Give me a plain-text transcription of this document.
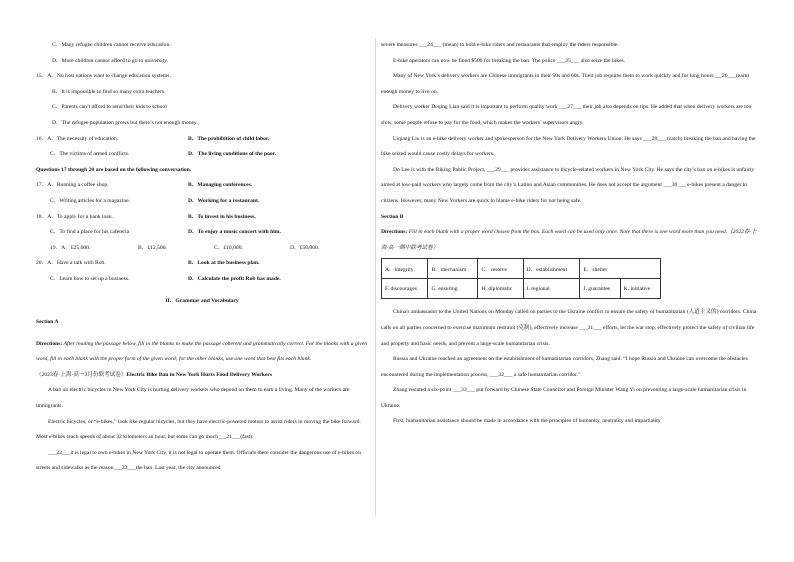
C．Many refugee children cannot receive education.
D．More children cannot afford to go to university.
15．A．No host nations want to change education systems.
B．It is impossible to find so many extra teachers.
C．Parents can’t afford to send their kids to school
D．The refugee population grows but there’s not enough money.
16．A．The necessity of education.	B．The prohibition of child labor.
C．The victims of armed conflicts.	D．The living conditions of the poor.
Questions 17 through 20 are based on the following conversation.
17．A．Running a coffee shop.	B．Managing conferences.
C．Writing articles for a magazine.	D．Working for a restaurant.
18．A．To apply for a bank loan.	B．To invest in his business.
C．To find a place for his cafeteria	D．To enjoy a music concert with him.
19．A．£25,000.	B．£12,500.	C．£10,000.	D．£50,000.
20．A．Have a talk with Rob.	B．Look at the business plan.
C．Learn how to set up a business.	D．Calculate the profit Rob has made.
II．Grammar and Vocabulary
Section A
Directions: After reading the passage below, fill in the blanks to make the passage coherent and grammatically correct. For the blanks with a given word, fill in each blank with the proper form of the given word; for the other blanks, use one word that best fits each blank.
（2023春·上海·高一3月份联考试卷）Electric Bike Ban in New York Hurts Food Delivery Workers
A ban on electric bicycles in New York City is hurting delivery workers who depend on them to earn a living. Many of the workers are immigrants.
Electric bicycles, or “e-bikes,” look like regular bicycles, but they have electric-powered motors to assist riders in moving the bike forward. Most e-bikes reach speeds of about 32 kilometers an hour, but some can go much___21___(fast).
___22___it is legal to own e-bikes in New York City, it is not legal to operate them. Officials there consider the dangerous use of e-bikes on streets and sidewalks as the reason___23___the ban. Last year, the city announced
severe measures ___24___ (mean) to hold e-bike riders and restaurants that employ the riders responsible.
E-bike operators can now be fined $500 for breaking the ban. The police ___25___ also seize the bikes.
Many of New York’s delivery workers are Chinese immigrants in their 50s and 60s. Their job requires them to work quickly and for long hours___26___(earn) enough money to live on.
Delivery worker Deqing Lian said it is important to perform quality work ___27___ their job also depends on tips. He added that when delivery workers are too slow, some people refuse to pay for the food, which makes the workers’ supervisors angry.
Liqiang Liu is an e-bike delivery worker and spokesperson for the New York Delivery Workers Union. He says ___28___ (catch) breaking the ban and having the bike seized would cause costly delays for workers.
Do Lee is with the Biking Public Project, ___29___ provides assistance to bicycle-related workers in New York City. He says the city’s ban on e-bikes is unfairly aimed at low-paid workers who largely come from the city’s Latino and Asian communities. He does not accept the argument ___30___ e-bikes present a danger to citizens. However, many New Yorkers are quick to blame e-bike riders for not being safe.
Section B
Directions: Fill in each blank with a proper word chosen from the box. Each word can be used only once. Note that there is one word more than you need.（2022春·上海·高一期中联考试卷）
A．integrity	B．mechanism	C．resolve	D．establishment	E．shelter	
F. discourages	G. ensuring	H. diplomatic	I. regional	J. guarantee	K. initiative
China's ambassador to the United Nations on Monday called on parties to the Ukraine conflict to ensure the safety of humanitarian (人道主义的) corridors. China calls on all parties concerned to exercise maximum restraint (克制), effectively increase ___31___ efforts, let the war stop, effectively protect the safety of civilian life and property and basic needs, and prevent a large-scale humanitarian crisis.
Russia and Ukraine reached an agreement on the establishment of humanitarian corridors, Zhang said. “I hope Russia and Ukraine can overcome the obstacles encountered during the implementation process, ___32___ a safe humanitarian corridor.”
Zhang restated a six-point ___33___ put forward by Chinese State Councilor and Foreign Minister Wang Yi on preventing a large-scale humanitarian crisis in Ukraine.
First, humanitarian assistance should be made in accordance with the principles of humanity, neutrality and impartiality
